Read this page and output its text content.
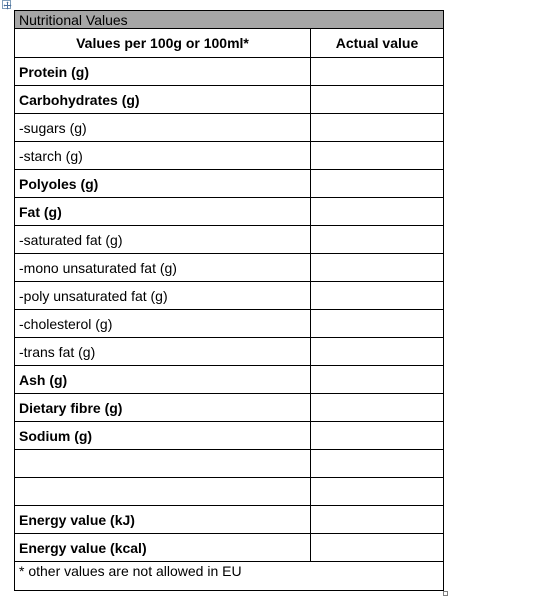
Nutritional Values	
Values per 100g or 100ml*	Actual value
Protein (g)	
Carbohydrates (g)	
-sugars (g)	
-starch (g)	
Polyoles (g)	
Fat (g)	
-saturated fat (g)	
-mono unsaturated fat (g)	
-poly unsaturated fat (g)	
-cholesterol (g)	
-trans fat (g)	
Ash (g)	
Dietary fibre (g)	
Sodium (g)	

Energy value (kJ)	
Energy value (kcal)	
* other values are not allowed in EU	
